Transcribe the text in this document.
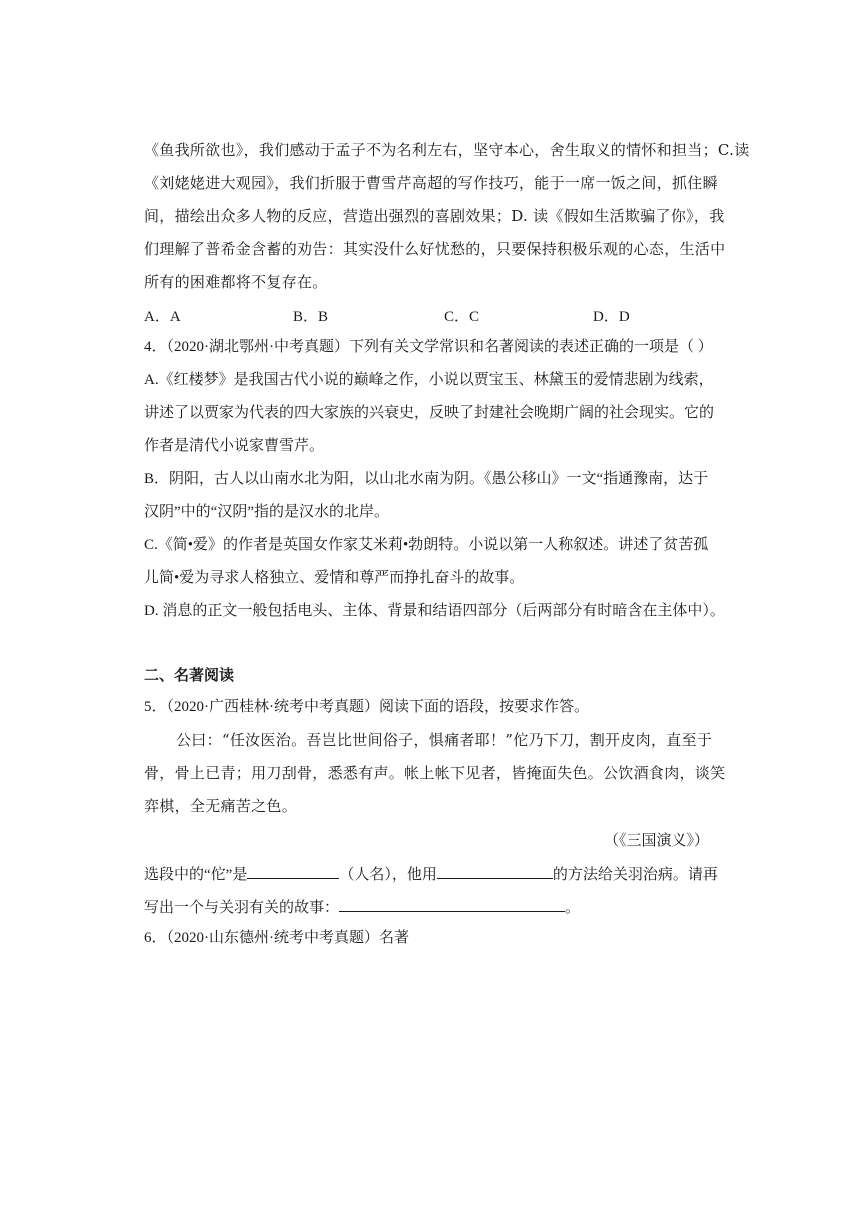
《鱼我所欲也》，我们感动于孟子不为名利左右，坚守本心，舍生取义的情怀和担当；C.读
《刘姥姥进大观园》，我们折服于曹雪芹高超的写作技巧，能于一席一饭之间，抓住瞬
间，描绘出众多人物的反应，营造出强烈的喜剧效果；D. 读《假如生活欺骗了你》，我
们理解了普希金含蓄的劝告：其实没什么好忧愁的，只要保持积极乐观的心态，生活中
所有的困难都将不复存在。
A．A	B．B	C．C	D．D
4．（2020·湖北鄂州·中考真题）下列有关文学常识和名著阅读的表述正确的一项是（ ）
A.《红楼梦》是我国古代小说的巅峰之作，小说以贾宝玉、林黛玉的爱情悲剧为线索，
讲述了以贾家为代表的四大家族的兴衰史，反映了封建社会晚期广阔的社会现实。它的
作者是清代小说家曹雪芹。
B．阴阳，古人以山南水北为阳，以山北水南为阴。《愚公移山》一文“指通豫南，达于
汉阴”中的“汉阴”指的是汉水的北岸。
C.《简•爱》的作者是英国女作家艾米莉•勃朗特。小说以第一人称叙述。讲述了贫苦孤
儿简•爱为寻求人格独立、爱情和尊严而挣扎奋斗的故事。
D. 消息的正文一般包括电头、主体、背景和结语四部分（后两部分有时暗含在主体中）。
二、名著阅读
5．（2020·广西桂林·统考中考真题）阅读下面的语段，按要求作答。
公曰：“任汝医治。吾岂比世间俗子，惧痛者耶！”佗乃下刀，割开皮肉，直至于
骨，骨上已青；用刀刮骨，悉悉有声。帐上帐下见者，皆掩面失色。公饮酒食肉，谈笑
弈棋，全无痛苦之色。
（《三国演义》）
选段中的“佗”是	（人名），他用	的方法给关羽治病。请再
写出一个与关羽有关的故事：	。
6．（2020·山东德州·统考中考真题）名著
